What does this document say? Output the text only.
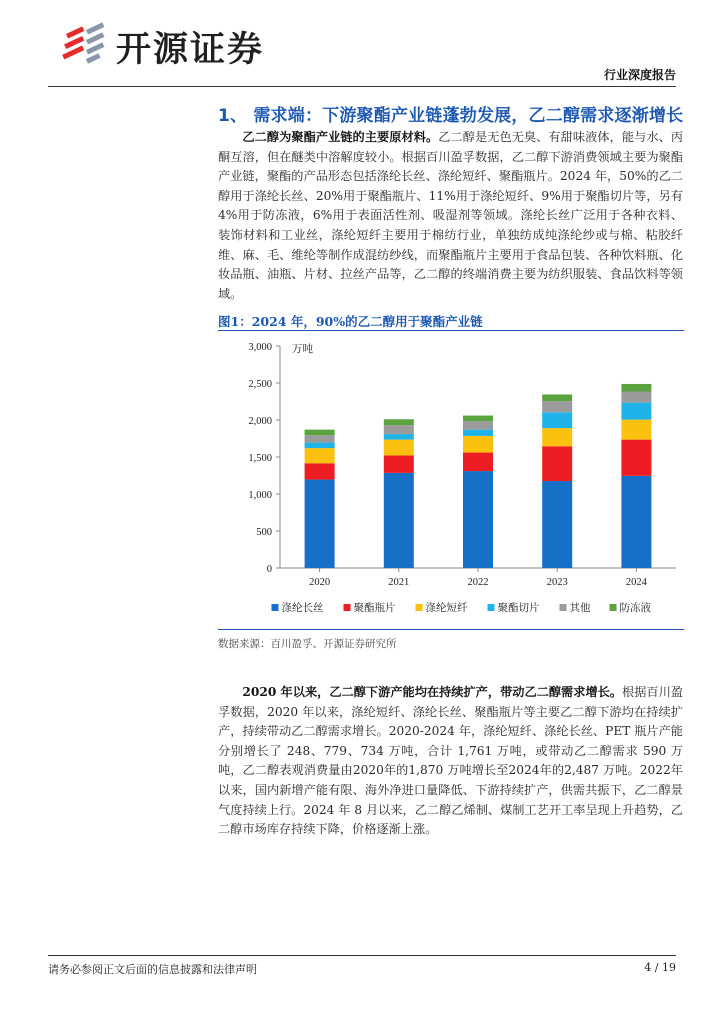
开源证券
行业深度报告
1、 需求端：下游聚酯产业链蓬勃发展，乙二醇需求逐渐增长
乙二醇为聚酯产业链的主要原材料。乙二醇是无色无臭、有甜味液体，能与水、丙酮互溶，但在醚类中溶解度较小。根据百川盈孚数据，乙二醇下游消费领域主要为聚酯产业链，聚酯的产品形态包括涤纶长丝、涤纶短纤、聚酯瓶片。2024 年，50%的乙二醇用于涤纶长丝、20%用于聚酯瓶片、11%用于涤纶短纤、9%用于聚酯切片等，另有 4%用于防冻液，6%用于表面活性剂、吸湿剂等领域。涤纶长丝广泛用于各种衣料、装饰材料和工业丝，涤纶短纤主要用于棉纺行业，单独纺成纯涤纶纱或与棉、粘胶纤维、麻、毛、维纶等制作成混纺纱线，而聚酯瓶片主要用于食品包装、各种饮料瓶、化妆品瓶、油瓶、片材、拉丝产品等，乙二醇的终端消费主要为纺织服装、食品饮料等领域。
图1：2024 年，90%的乙二醇用于聚酯产业链
0
500
1,000
1,500
2,000
2,500
3,000 万吨
2020	2021	2022	2023	2024
涤纶长丝	聚酯瓶片	涤纶短纤	聚酯切片	其他	防冻液
数据来源：百川盈孚、开源证券研究所
2020 年以来，乙二醇下游产能均在持续扩产，带动乙二醇需求增长。根据百川盈孚数据，2020 年以来，涤纶短纤、涤纶长丝、聚酯瓶片等主要乙二醇下游均在持续扩产，持续带动乙二醇需求增长。2020-2024 年，涤纶短纤、涤纶长丝、PET 瓶片产能分别增长了 248、779、734 万吨，合计 1,761 万吨，或带动乙二醇需求 590 万吨，乙二醇表观消费量由2020年的1,870 万吨增长至2024年的2,487 万吨。2022年以来，国内新增产能有限、海外净进口量降低、下游持续扩产，供需共振下，乙二醇景气度持续上行。2024 年 8 月以来，乙二醇乙烯制、煤制工艺开工率呈现上升趋势，乙二醇市场库存持续下降，价格逐渐上涨。
请务必参阅正文后面的信息披露和法律声明	4 / 19
